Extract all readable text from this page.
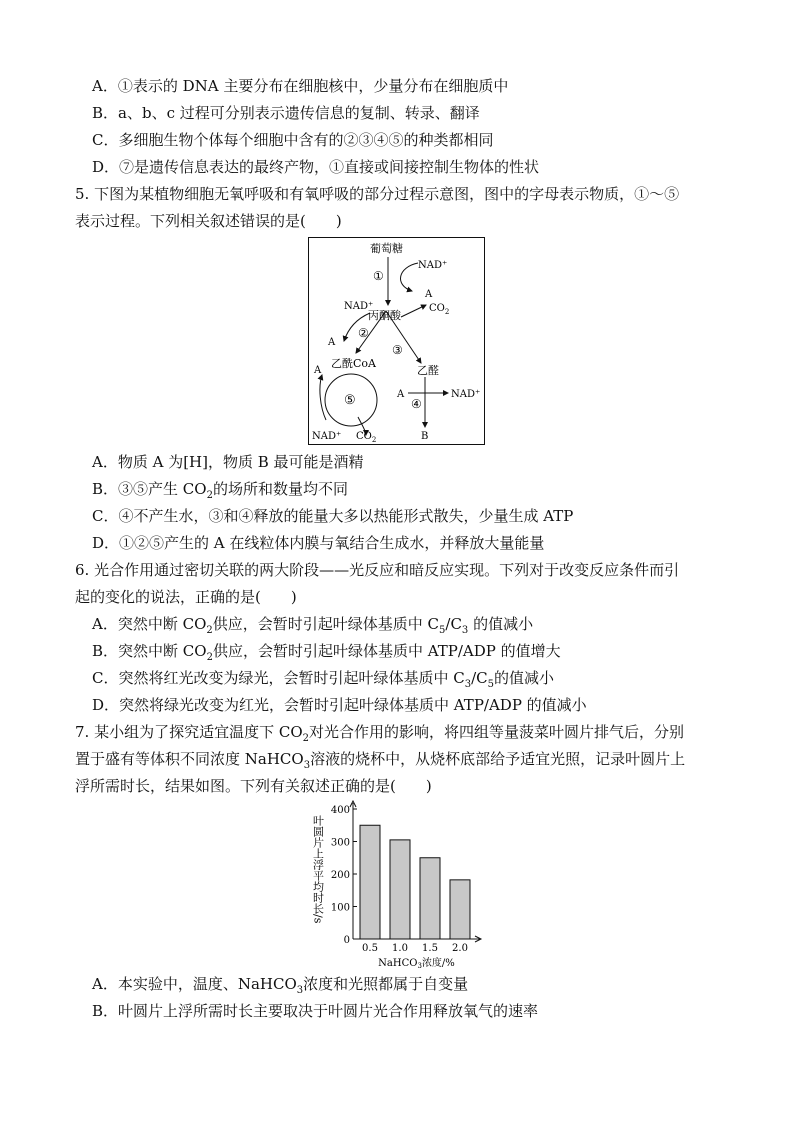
A．①表示的 DNA 主要分布在细胞核中，少量分布在细胞质中
B．a、b、c 过程可分别表示遗传信息的复制、转录、翻译
C．多细胞生物个体每个细胞中含有的②③④⑤的种类都相同
D．⑦是遗传信息表达的最终产物，①直接或间接控制生物体的性状
5. 下图为某植物细胞无氧呼吸和有氧呼吸的部分过程示意图，图中的字母表示物质，①～⑤
表示过程。下列相关叙述错误的是(　　)
葡萄糖
NAD⁺
A
①
NAD⁺	$CO_2$
丙酮酸
②
③
A
乙酰CoA
乙醛
A	NAD⁺
④
⑤
A
NAD⁺ $CO_2$	B
A．物质 A 为[H]，物质 B 最可能是酒精
B．③⑤产生 $CO_2$的场所和数量均不同
C．④不产生水，③和④释放的能量大多以热能形式散失，少量生成 ATP
D．①②⑤产生的 A 在线粒体内膜与氧结合生成水，并释放大量能量
6. 光合作用通过密切关联的两大阶段——光反应和暗反应实现。下列对于改变反应条件而引
起的变化的说法，正确的是(　　)
A．突然中断 $CO_2$供应，会暂时引起叶绿体基质中 $C_5/C_3$ 的值减小
B．突然中断 $CO_2$供应，会暂时引起叶绿体基质中 ATP/ADP 的值增大
C．突然将红光改变为绿光，会暂时引起叶绿体基质中 $C_3/C_5$的值减小
D．突然将绿光改变为红光，会暂时引起叶绿体基质中 ATP/ADP 的值减小
7. 某小组为了探究适宜温度下 $CO_2$对光合作用的影响，将四组等量菠菜叶圆片排气后，分别
置于盛有等体积不同浓度 NaHCO$_3$溶液的烧杯中，从烧杯底部给予适宜光照，记录叶圆片上
浮所需时长，结果如图。下列有关叙述正确的是(　　)
0
100
200
300
400
0.5 1.0 1.5 2.0
NaHCO$_3$浓度/%
叶圆片上浮平均时长/s
A．本实验中，温度、NaHCO$_3$浓度和光照都属于自变量
B．叶圆片上浮所需时长主要取决于叶圆片光合作用释放氧气的速率
